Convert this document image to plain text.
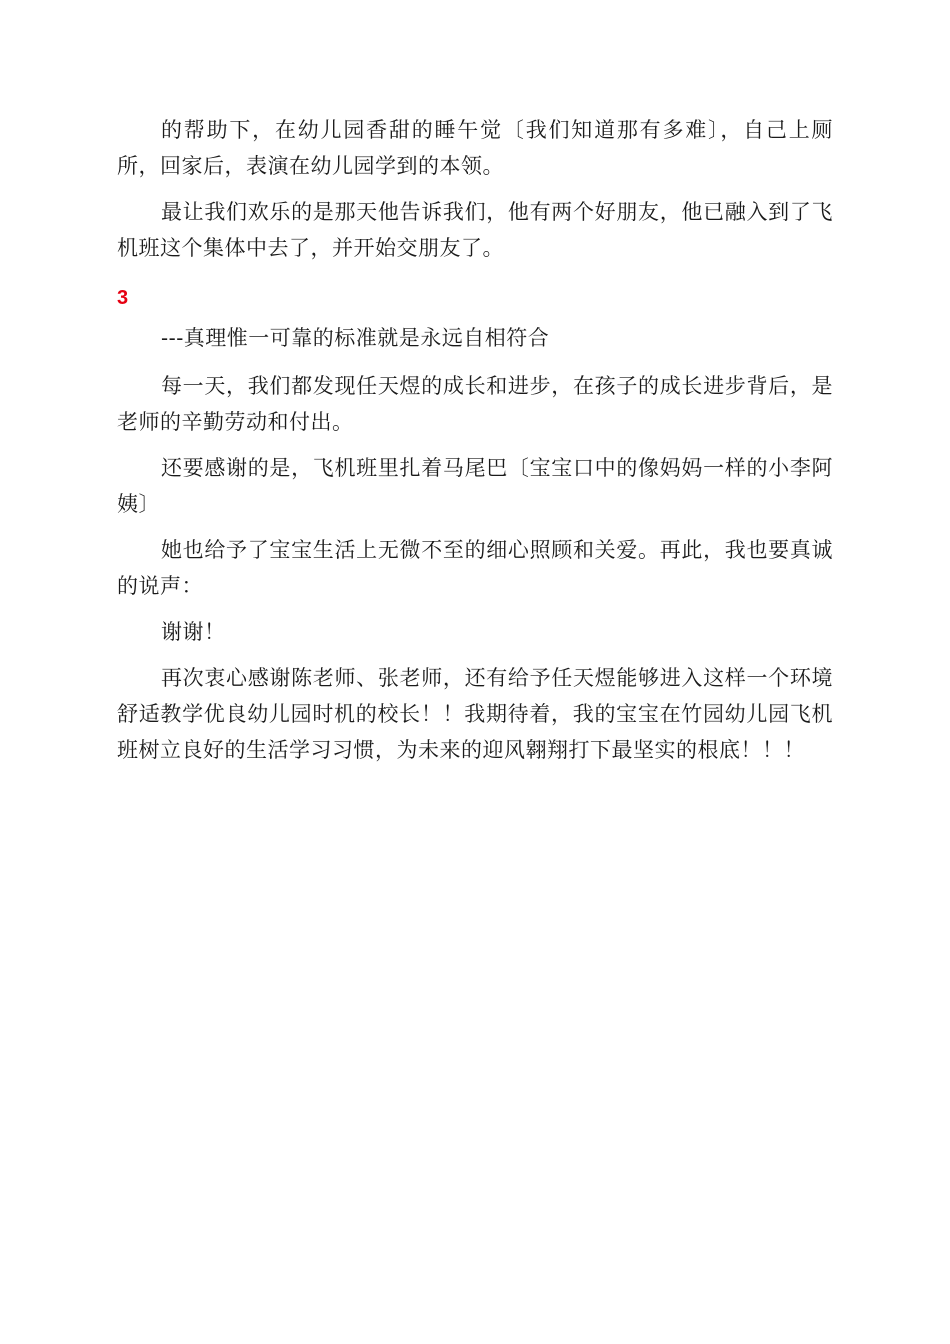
的帮助下，在幼儿园香甜的睡午觉〔我们知道那有多难〕，自己上厕所，回家后，表演在幼儿园学到的本领。

最让我们欢乐的是那天他告诉我们，他有两个好朋友，他已融入到了飞机班这个集体中去了，并开始交朋友了。

3

---真理惟一可靠的标准就是永远自相符合

每一天，我们都发现任天煜的成长和进步，在孩子的成长进步背后，是老师的辛勤劳动和付出。

还要感谢的是，飞机班里扎着马尾巴〔宝宝口中的像妈妈一样的小李阿姨〕

她也给予了宝宝生活上无微不至的细心照顾和关爱。再此，我也要真诚的说声：

谢谢！

再次衷心感谢陈老师、张老师，还有给予任天煜能够进入这样一个环境舒适教学优良幼儿园时机的校长！！我期待着，我的宝宝在竹园幼儿园飞机班树立良好的生活学习习惯，为未来的迎风翱翔打下最坚实的根底！！！
